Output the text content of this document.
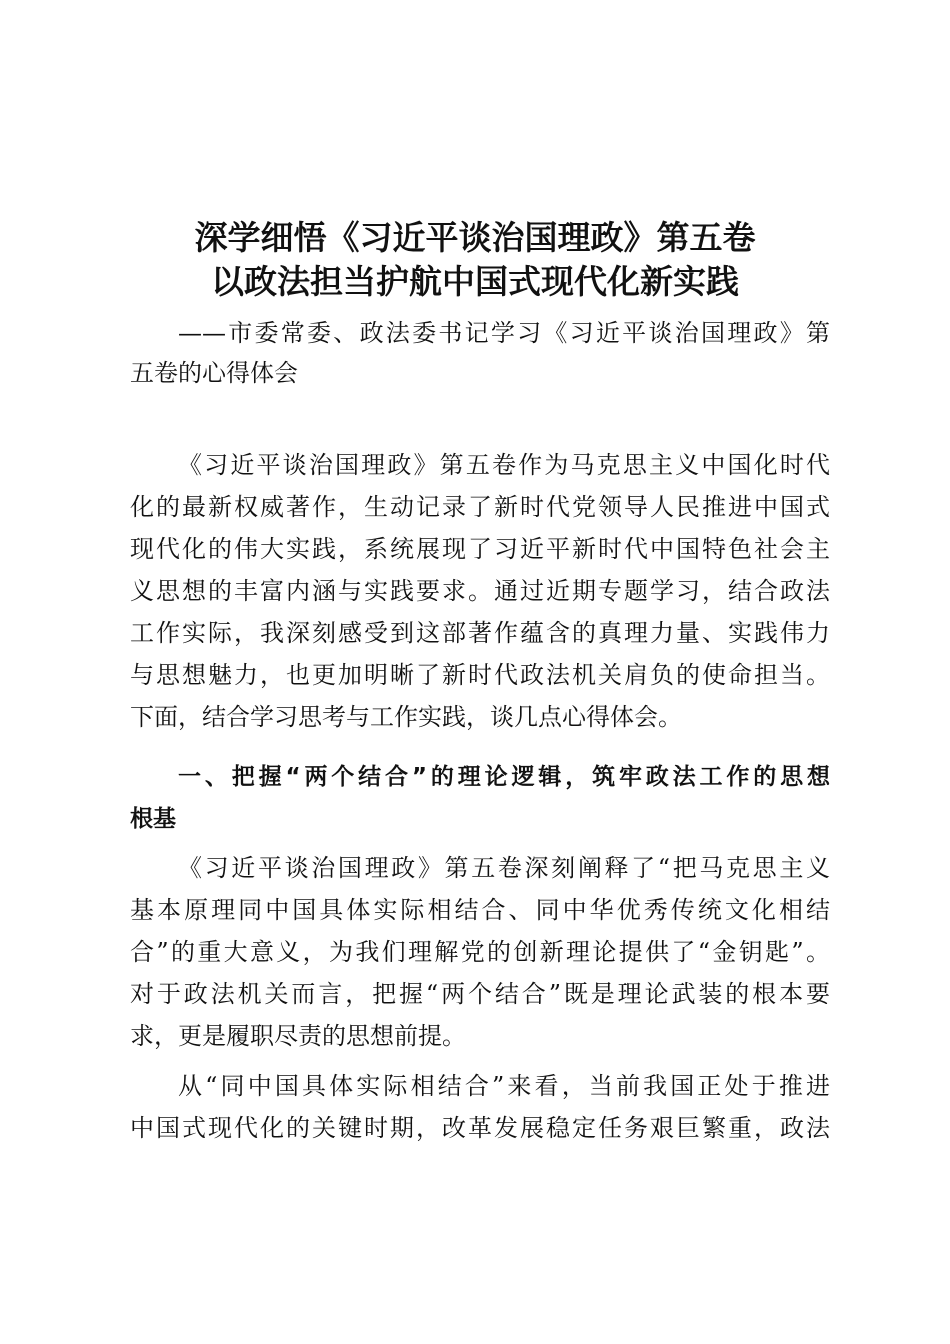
深学细悟《习近平谈治国理政》第五卷
以政法担当护航中国式现代化新实践
——市委常委、政法委书记学习《习近平谈治国理政》第
五卷的心得体会
《习近平谈治国理政》第五卷作为马克思主义中国化时代
化的最新权威著作，生动记录了新时代党领导人民推进中国式
现代化的伟大实践，系统展现了习近平新时代中国特色社会主
义思想的丰富内涵与实践要求。通过近期专题学习，结合政法
工作实际，我深刻感受到这部著作蕴含的真理力量、实践伟力
与思想魅力，也更加明晰了新时代政法机关肩负的使命担当。
下面，结合学习思考与工作实践，谈几点心得体会。
一、把握“两个结合”的理论逻辑，筑牢政法工作的思想
根基
《习近平谈治国理政》第五卷深刻阐释了“把马克思主义
基本原理同中国具体实际相结合、同中华优秀传统文化相结
合”的重大意义，为我们理解党的创新理论提供了“金钥匙”。
对于政法机关而言，把握“两个结合”既是理论武装的根本要
求，更是履职尽责的思想前提。
从“同中国具体实际相结合”来看，当前我国正处于推进
中国式现代化的关键时期，改革发展稳定任务艰巨繁重，政法
